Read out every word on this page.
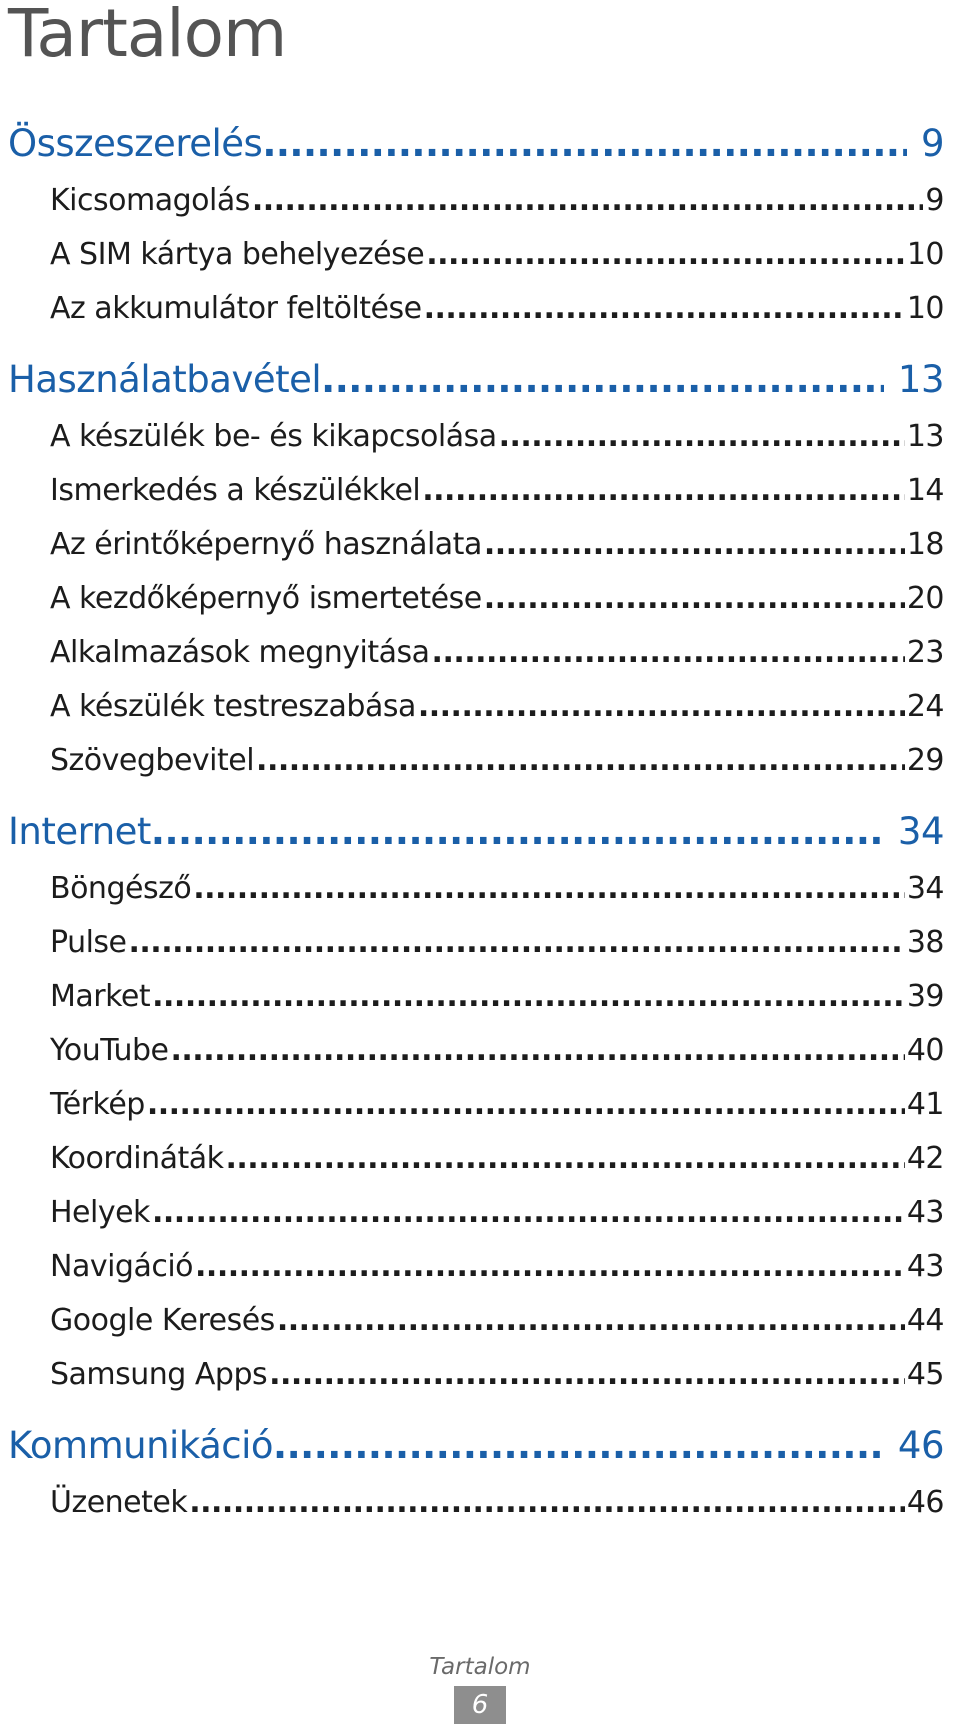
Tartalom
Összeszerelés .....	9
Kicsomagolás .....	9
A SIM kártya behelyezése .....	10
Az akkumulátor feltöltése .....	10
Használatbavétel .....	13
A készülék be- és kikapcsolása .....	13
Ismerkedés a készülékkel .....	14
Az érintőképernyő használata .....	18
A kezdőképernyő ismertetése .....	20
Alkalmazások megnyitása .....	23
A készülék testreszabása .....	24
Szövegbevitel .....	29
Internet .....	34
Böngésző .....	34
Pulse .....	38
Market .....	39
YouTube .....	40
Térkép .....	41
Koordináták .....	42
Helyek .....	43
Navigáció .....	43
Google Keresés .....	44
Samsung Apps .....	45
Kommunikáció .....	46
Üzenetek .....	46
Tartalom
6
